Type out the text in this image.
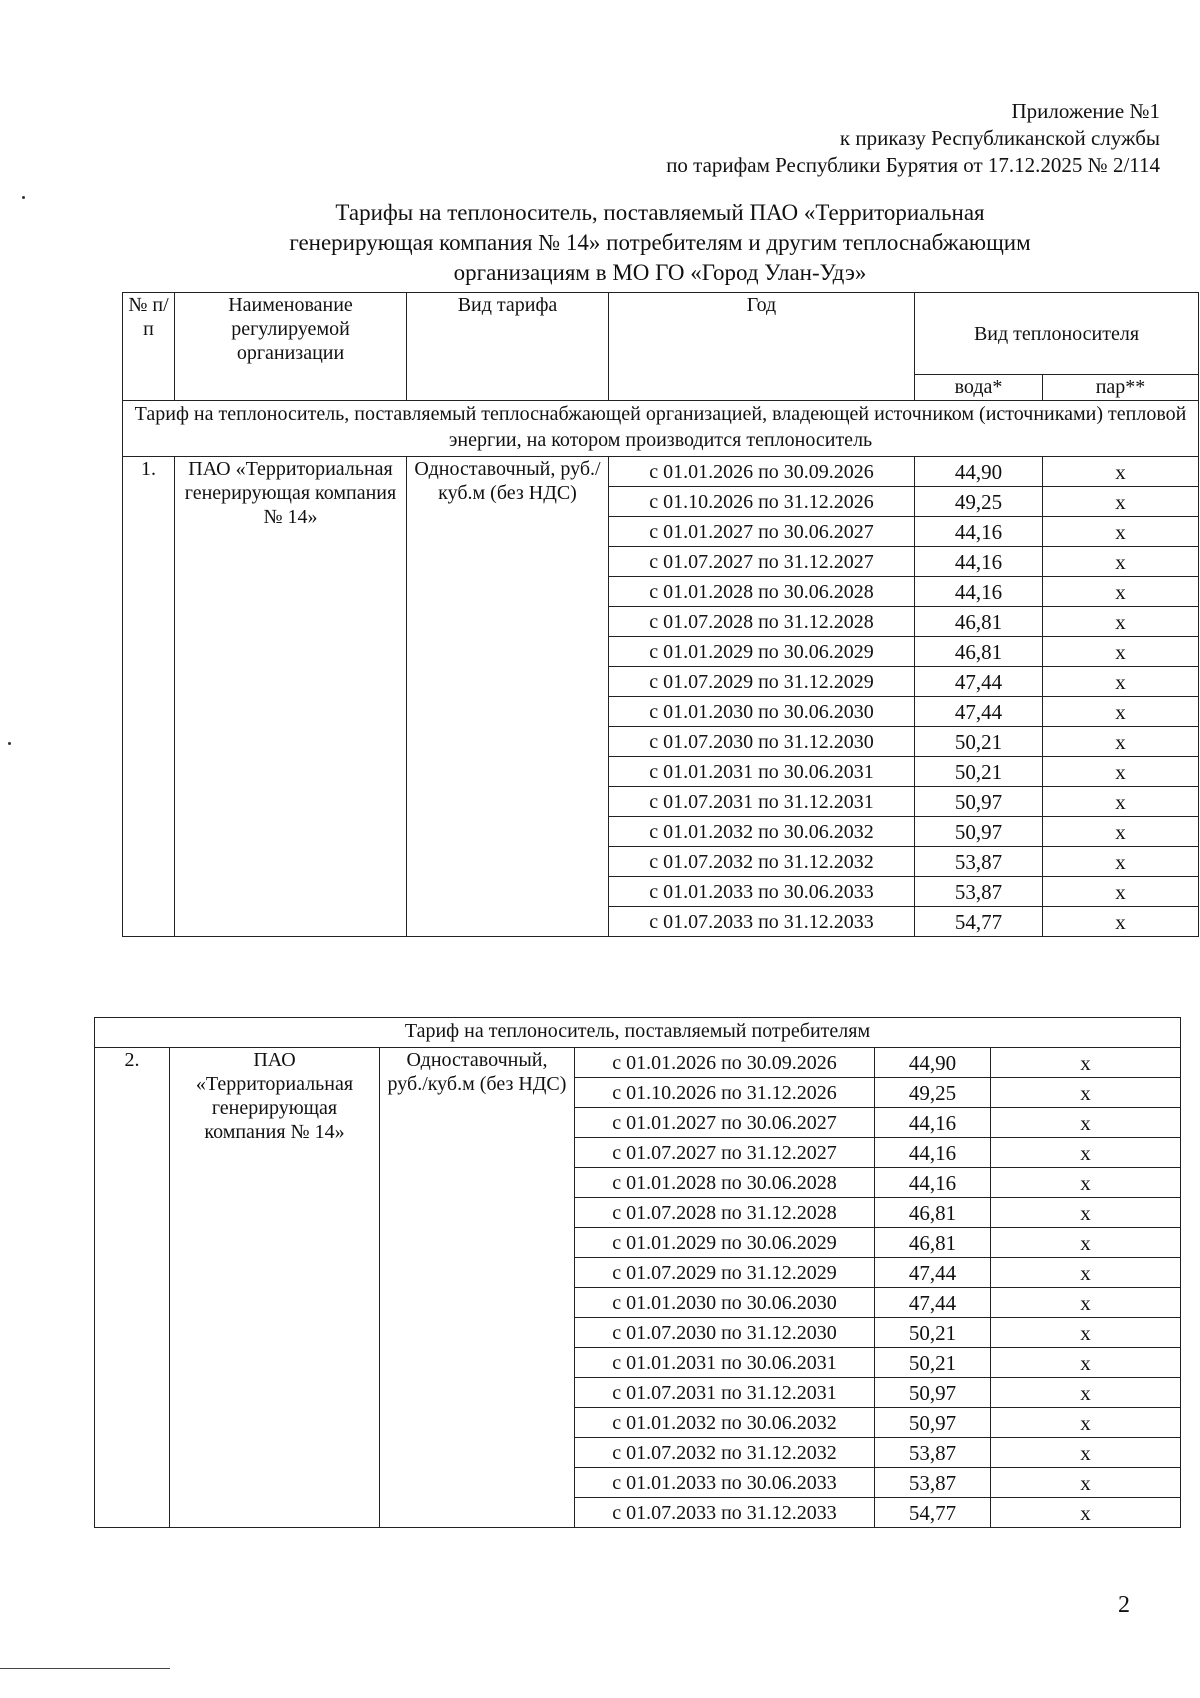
Приложение №1
к приказу Республиканской службы
по тарифам Республики Бурятия от 17.12.2025 № 2/114
Тарифы на теплоноситель, поставляемый ПАО «Территориальная
генерирующая компания № 14» потребителям и другим теплоснабжающим
организациям в МО ГО «Город Улан-Удэ»
№ п/п	Наименование регулируемой организации	Вид тарифа	Год	Вид теплоносителя	
				вода*	пар**
Тариф на теплоноситель, поставляемый теплоснабжающей организацией, владеющей источником (источниками) тепловой энергии, на котором производится теплоноситель					
1.	ПАО «Территориальная генерирующая компания № 14»	Одноставочный, руб./куб.м (без НДС)	с 01.01.2026 по 30.09.2026	44,90	x
			с 01.10.2026 по 31.12.2026	49,25	x
			с 01.01.2027 по 30.06.2027	44,16	x
			с 01.07.2027 по 31.12.2027	44,16	x
			с 01.01.2028 по 30.06.2028	44,16	x
			с 01.07.2028 по 31.12.2028	46,81	x
			с 01.01.2029 по 30.06.2029	46,81	x
			с 01.07.2029 по 31.12.2029	47,44	x
			с 01.01.2030 по 30.06.2030	47,44	x
			с 01.07.2030 по 31.12.2030	50,21	x
			с 01.01.2031 по 30.06.2031	50,21	x
			с 01.07.2031 по 31.12.2031	50,97	x
			с 01.01.2032 по 30.06.2032	50,97	x
			с 01.07.2032 по 31.12.2032	53,87	x
			с 01.01.2033 по 30.06.2033	53,87	x
			с 01.07.2033 по 31.12.2033	54,77	x
Тариф на теплоноситель, поставляемый потребителям					
2.	ПАО «Территориальная генерирующая компания № 14»	Одноставочный, руб./куб.м (без НДС)	с 01.01.2026 по 30.09.2026	44,90	x
			с 01.10.2026 по 31.12.2026	49,25	x
			с 01.01.2027 по 30.06.2027	44,16	x
			с 01.07.2027 по 31.12.2027	44,16	x
			с 01.01.2028 по 30.06.2028	44,16	x
			с 01.07.2028 по 31.12.2028	46,81	x
			с 01.01.2029 по 30.06.2029	46,81	x
			с 01.07.2029 по 31.12.2029	47,44	x
			с 01.01.2030 по 30.06.2030	47,44	x
			с 01.07.2030 по 31.12.2030	50,21	x
			с 01.01.2031 по 30.06.2031	50,21	x
			с 01.07.2031 по 31.12.2031	50,97	x
			с 01.01.2032 по 30.06.2032	50,97	x
			с 01.07.2032 по 31.12.2032	53,87	x
			с 01.01.2033 по 30.06.2033	53,87	x
			с 01.07.2033 по 31.12.2033	54,77	x
2
